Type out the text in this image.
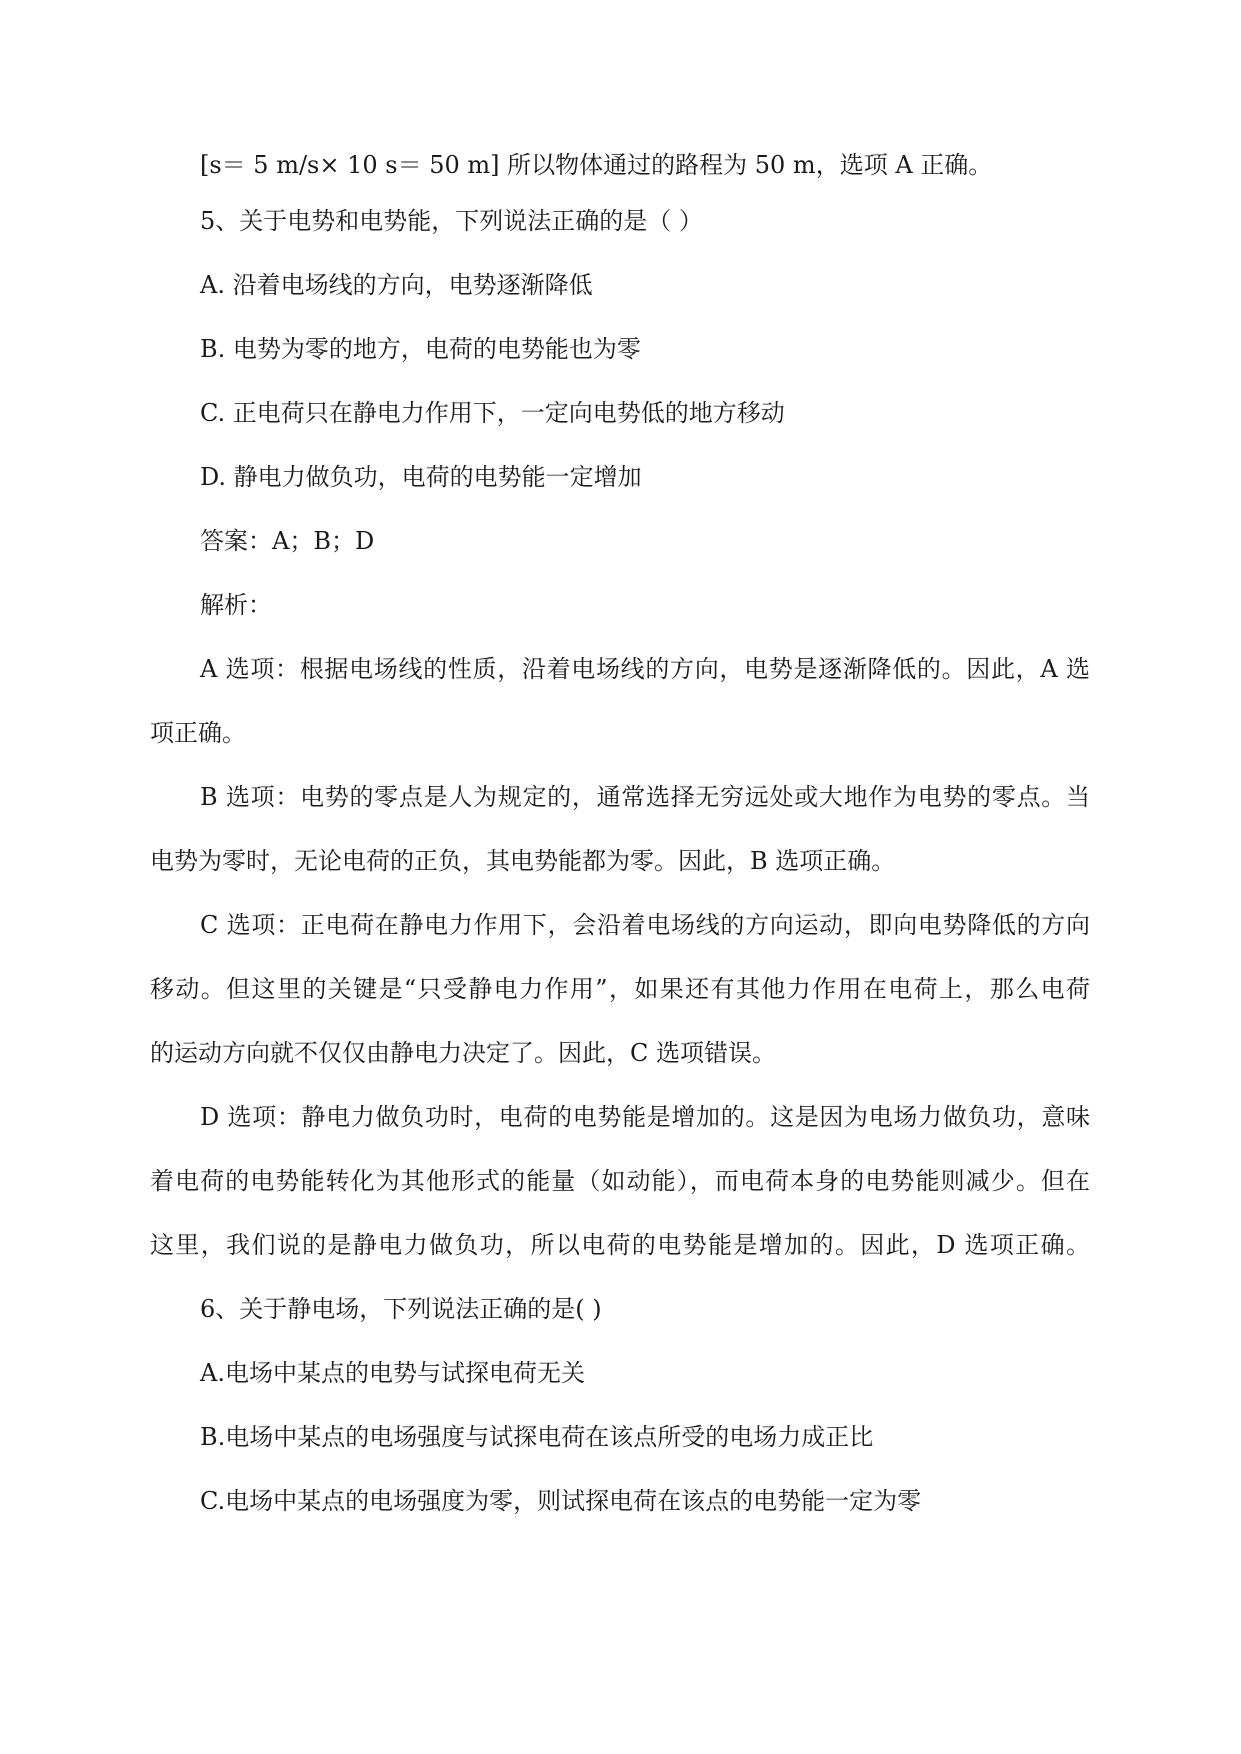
[s＝ 5 m/s× 10 s＝ 50 m] 所以物体通过的路程为 50 m，选项 A 正确。
5、关于电势和电势能，下列说法正确的是（ ）
A. 沿着电场线的方向，电势逐渐降低
B. 电势为零的地方，电荷的电势能也为零
C. 正电荷只在静电力作用下，一定向电势低的地方移动
D. 静电力做负功，电荷的电势能一定增加
答案：A；B；D
解析：
A 选项：根据电场线的性质，沿着电场线的方向，电势是逐渐降低的。因此，A 选
项正确。
B 选项：电势的零点是人为规定的，通常选择无穷远处或大地作为电势的零点。当
电势为零时，无论电荷的正负，其电势能都为零。因此，B 选项正确。
C 选项：正电荷在静电力作用下，会沿着电场线的方向运动，即向电势降低的方向
移动。但这里的关键是“只受静电力作用”，如果还有其他力作用在电荷上，那么电荷
的运动方向就不仅仅由静电力决定了。因此，C 选项错误。
D 选项：静电力做负功时，电荷的电势能是增加的。这是因为电场力做负功，意味
着电荷的电势能转化为其他形式的能量（如动能），而电荷本身的电势能则减少。但在
这里，我们说的是静电力做负功，所以电荷的电势能是增加的。因此，D 选项正确。
6、关于静电场，下列说法正确的是( )
A.电场中某点的电势与试探电荷无关
B.电场中某点的电场强度与试探电荷在该点所受的电场力成正比
C.电场中某点的电场强度为零，则试探电荷在该点的电势能一定为零
